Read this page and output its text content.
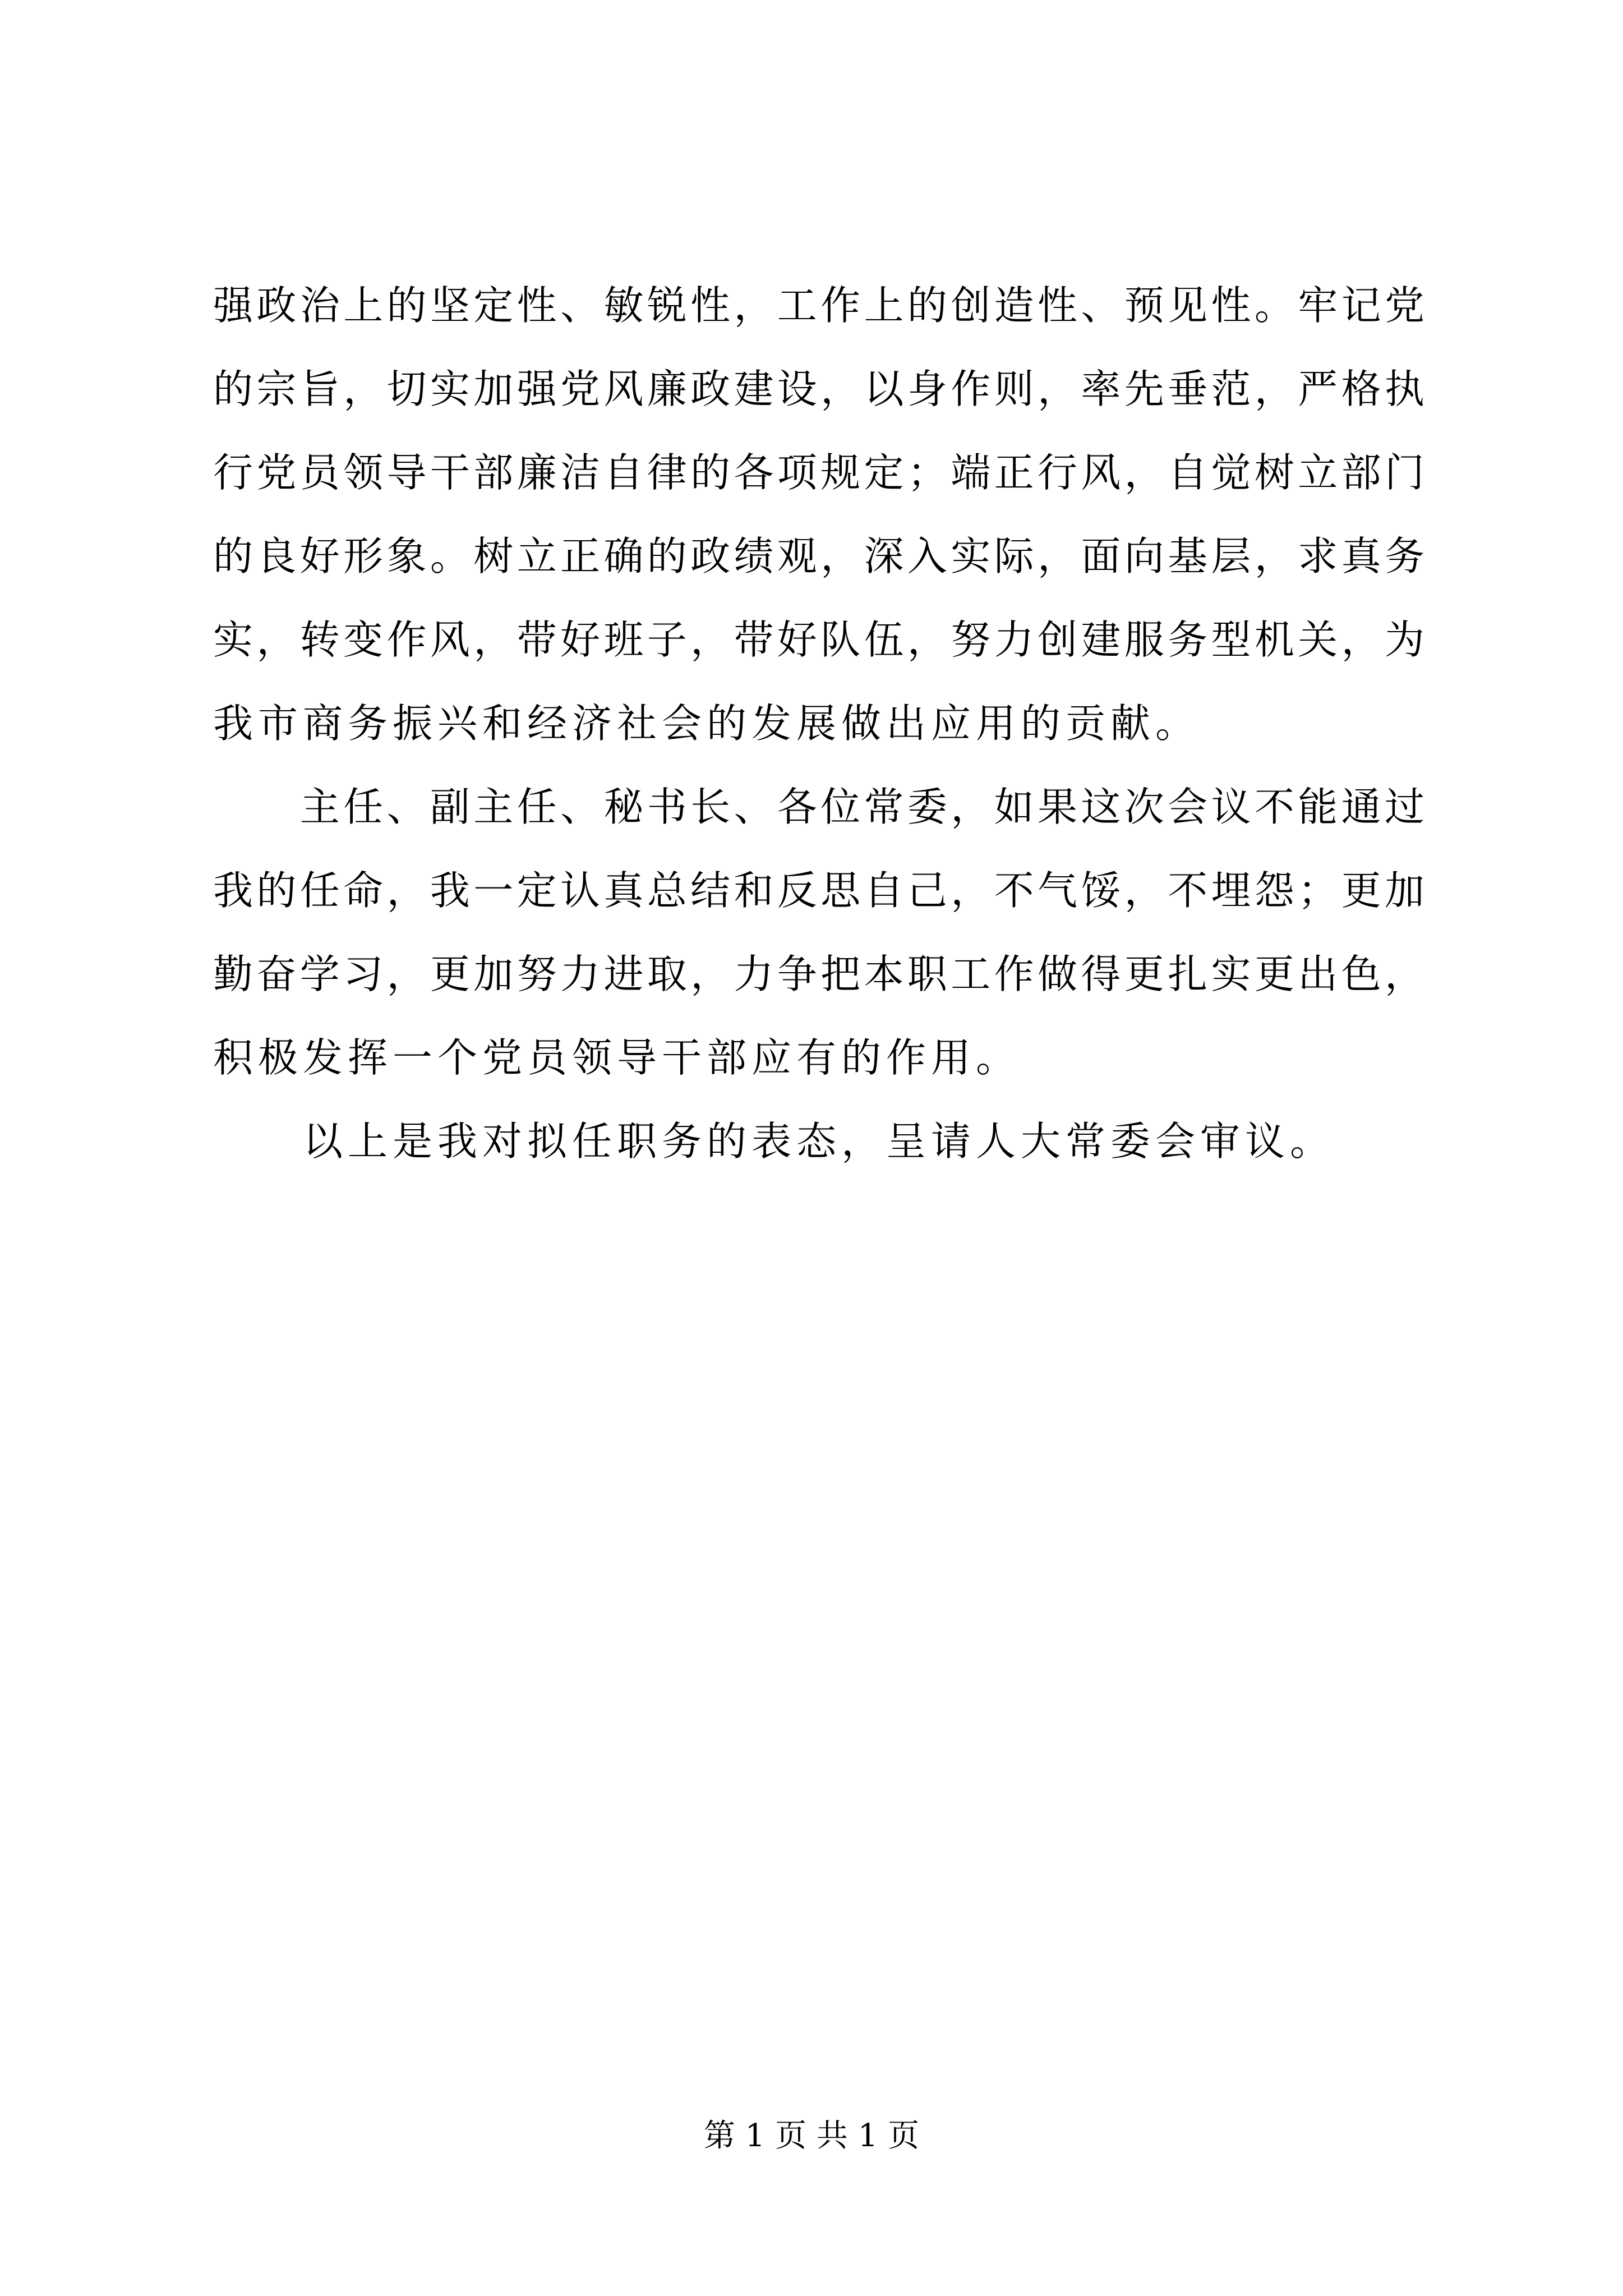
强政治上的坚定性、敏锐性，工作上的创造性、预见性。牢记党
的宗旨，切实加强党风廉政建设，以身作则，率先垂范，严格执
行党员领导干部廉洁自律的各项规定；端正行风，自觉树立部门
的良好形象。树立正确的政绩观，深入实际，面向基层，求真务
实，转变作风，带好班子，带好队伍，努力创建服务型机关，为
我市商务振兴和经济社会的发展做出应用的贡献。
　　主任、副主任、秘书长、各位常委，如果这次会议不能通过
我的任命，我一定认真总结和反思自己，不气馁，不埋怨；更加
勤奋学习，更加努力进取，力争把本职工作做得更扎实更出色，
积极发挥一个党员领导干部应有的作用。
　　以上是我对拟任职务的表态，呈请人大常委会审议。
第 1 页 共 1 页
